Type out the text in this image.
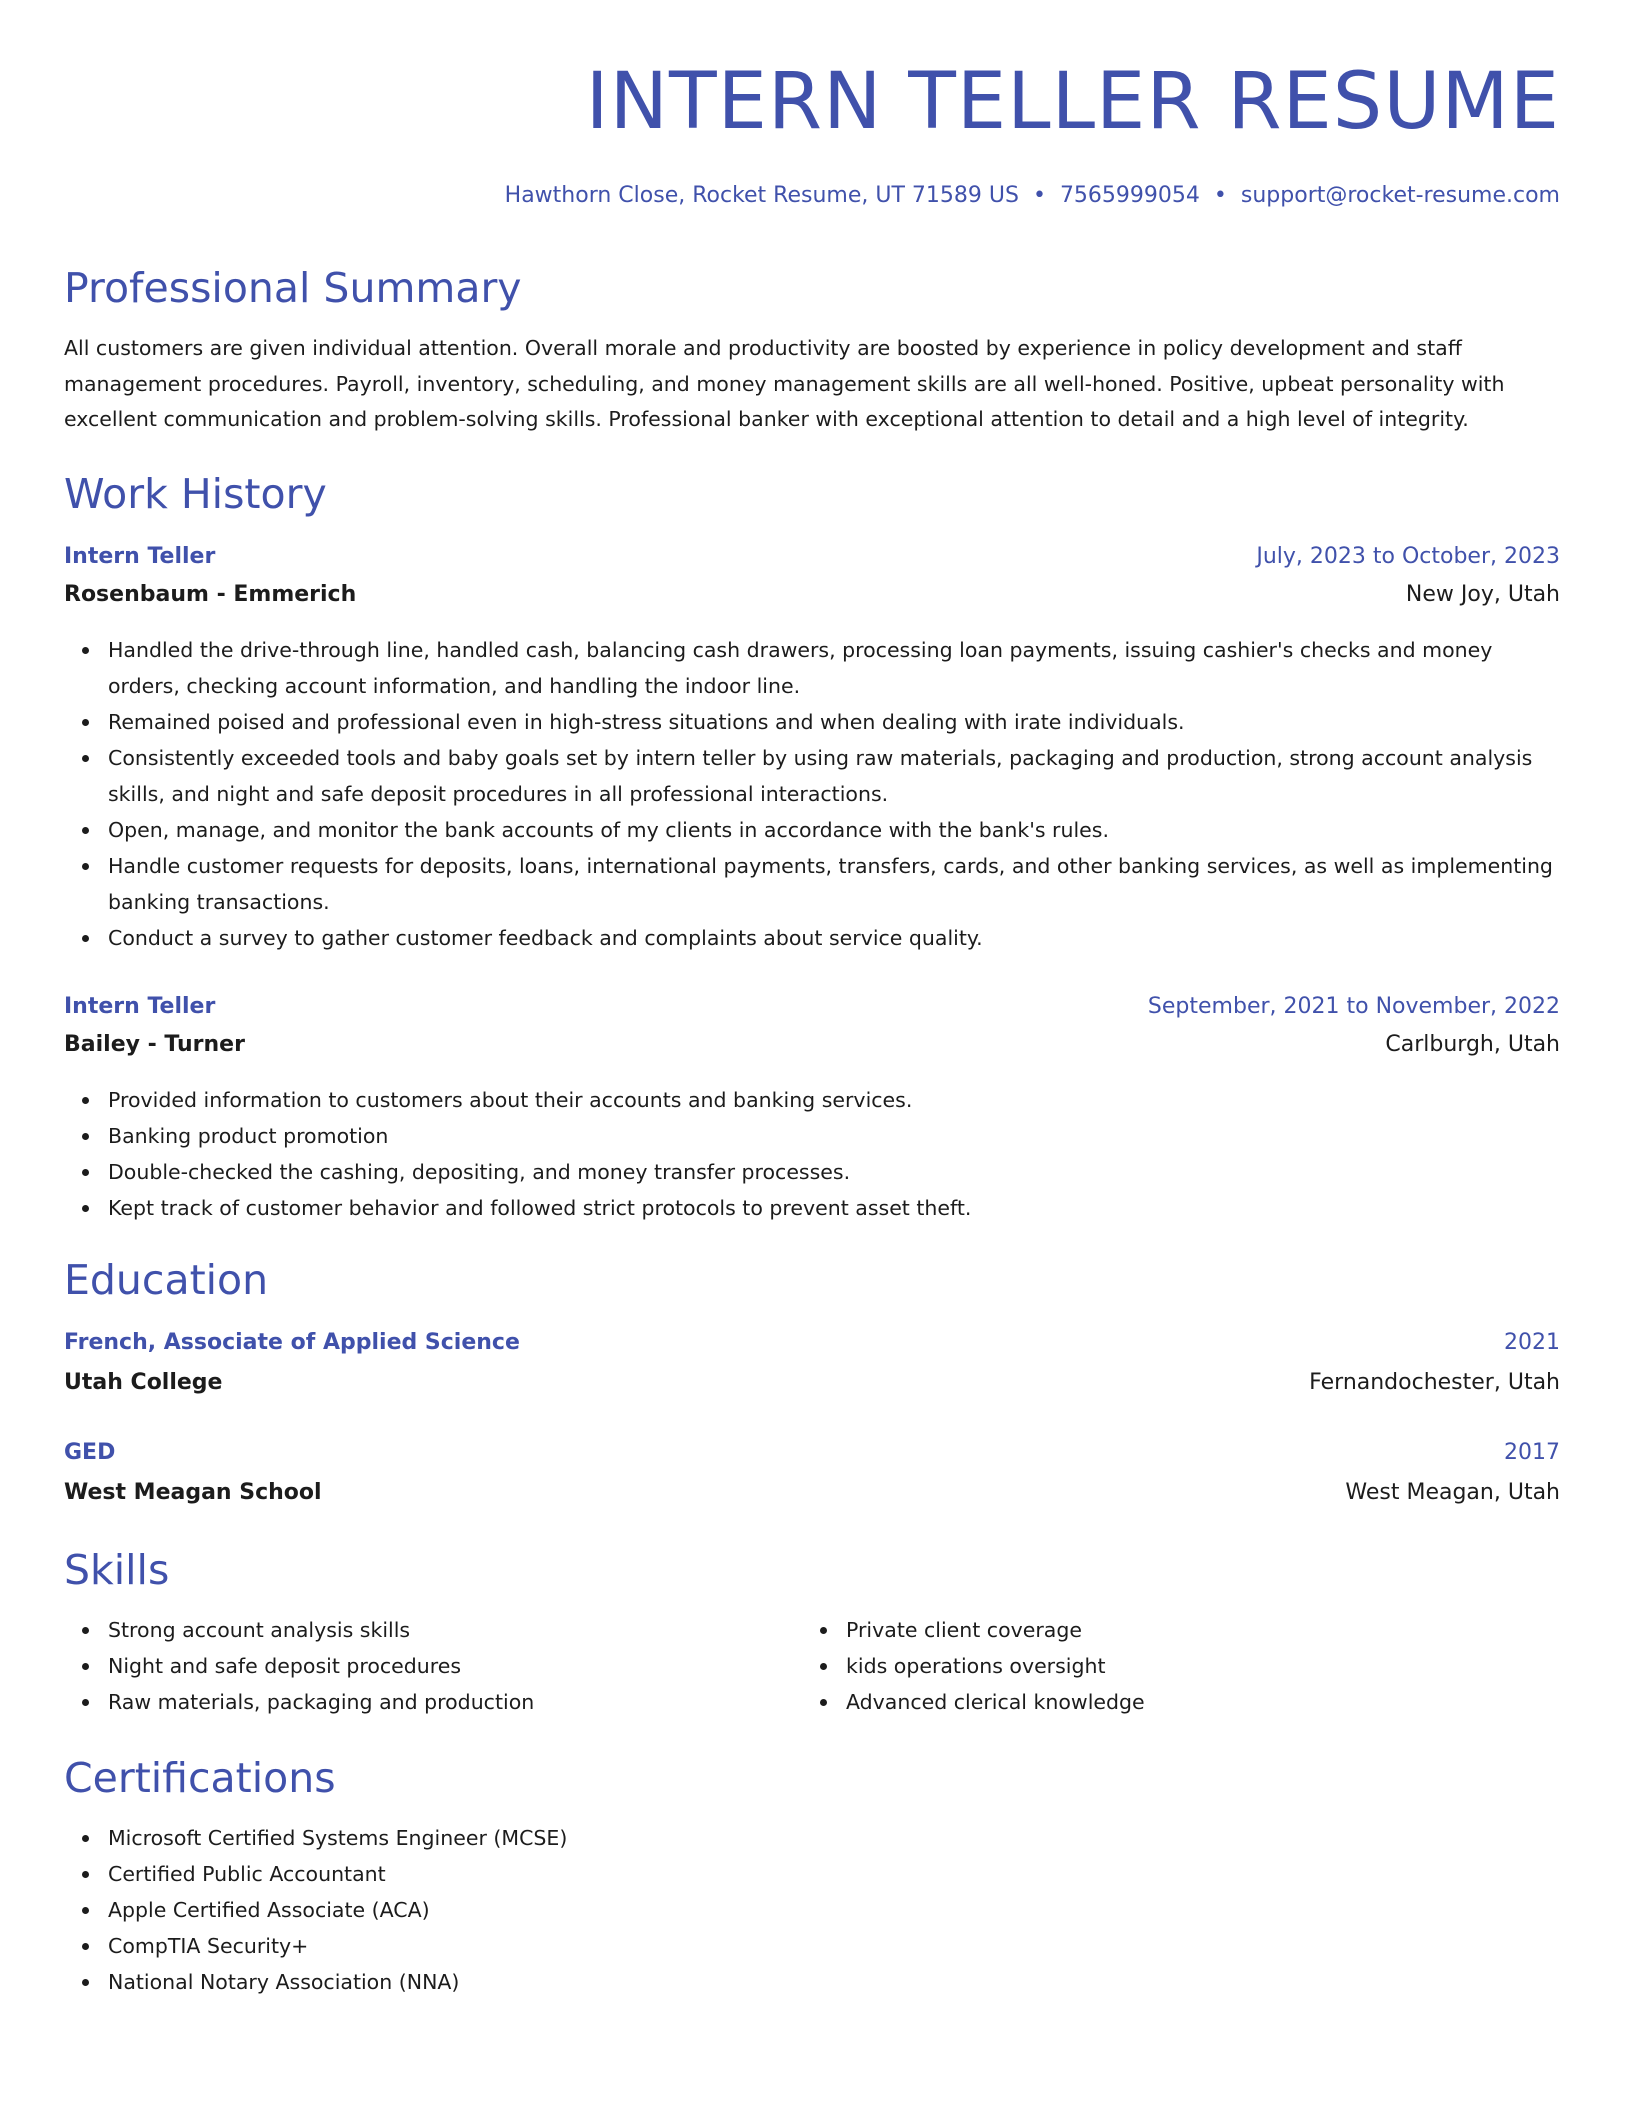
INTERN TELLER RESUME
Hawthorn Close, Rocket Resume, UT 71589 US • 7565999054 • support@rocket-resume.com
Professional Summary

All customers are given individual attention. Overall morale and productivity are boosted by experience in policy development and staff management procedures. Payroll, inventory, scheduling, and money management skills are all well-honed. Positive, upbeat personality with excellent communication and problem-solving skills. Professional banker with exceptional attention to detail and a high level of integrity.

Work History
Intern Teller	July, 2023 to October, 2023
Rosenbaum - Emmerich	New Joy, Utah
Handled the drive-through line, handled cash, balancing cash drawers, processing loan payments, issuing cashier's checks and money orders, checking account information, and handling the indoor line.
Remained poised and professional even in high-stress situations and when dealing with irate individuals.
Consistently exceeded tools and baby goals set by intern teller by using raw materials, packaging and production, strong account analysis skills, and night and safe deposit procedures in all professional interactions.
Open, manage, and monitor the bank accounts of my clients in accordance with the bank's rules.
Handle customer requests for deposits, loans, international payments, transfers, cards, and other banking services, as well as implementing banking transactions.
Conduct a survey to gather customer feedback and complaints about service quality.
Intern Teller	September, 2021 to November, 2022
Bailey - Turner	Carlburgh, Utah
Provided information to customers about their accounts and banking services.
Banking product promotion
Double-checked the cashing, depositing, and money transfer processes.
Kept track of customer behavior and followed strict protocols to prevent asset theft.
Education
French, Associate of Applied Science	2021
Utah College	Fernandochester, Utah
GED	2017
West Meagan School	West Meagan, Utah
Skills
Strong account analysis skills
Night and safe deposit procedures
Raw materials, packaging and production
Private client coverage
kids operations oversight
Advanced clerical knowledge
Certifications
Microsoft Certified Systems Engineer (MCSE)
Certified Public Accountant
Apple Certified Associate (ACA)
CompTIA Security+
National Notary Association (NNA)
